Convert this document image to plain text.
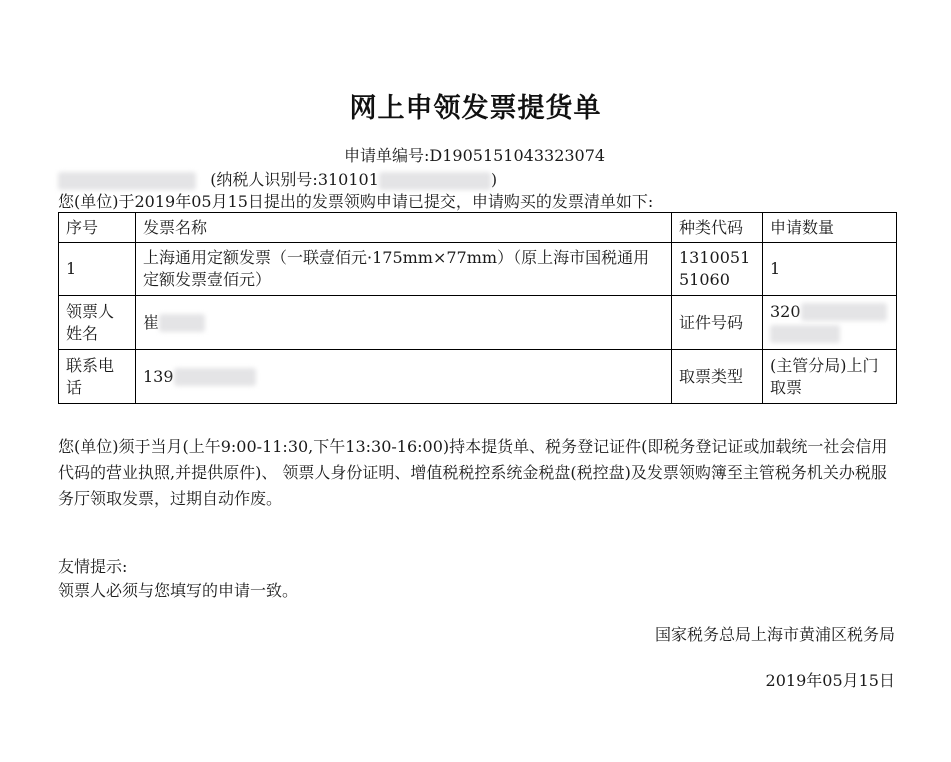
网上申领发票提货单
申请单编号:D1905151043323074
(纳税人识别号:310101	)
您(单位)于2019年05月15日提出的发票领购申请已提交，申请购买的发票清单如下:
序号	发票名称	种类代码	申请数量
1	上海通用定额发票（一联壹佰元·175mm×77mm）（原上海市国税通用定额发票壹佰元）	131005151060	1
领票人姓名	崔	证件号码	320

联系电话	139	取票类型	(主管分局)上门取票
您(单位)须于当月(上午9:00-11:30,下午13:30-16:00)持本提货单、税务登记证件(即税务登记证或加载统一社会信用代码的营业执照,并提供原件)、 领票人身份证明、增值税税控系统金税盘(税控盘)及发票领购簿至主管税务机关办税服务厅领取发票，过期自动作废。
友情提示:
领票人必须与您填写的申请一致。
国家税务总局上海市黄浦区税务局
2019年05月15日
